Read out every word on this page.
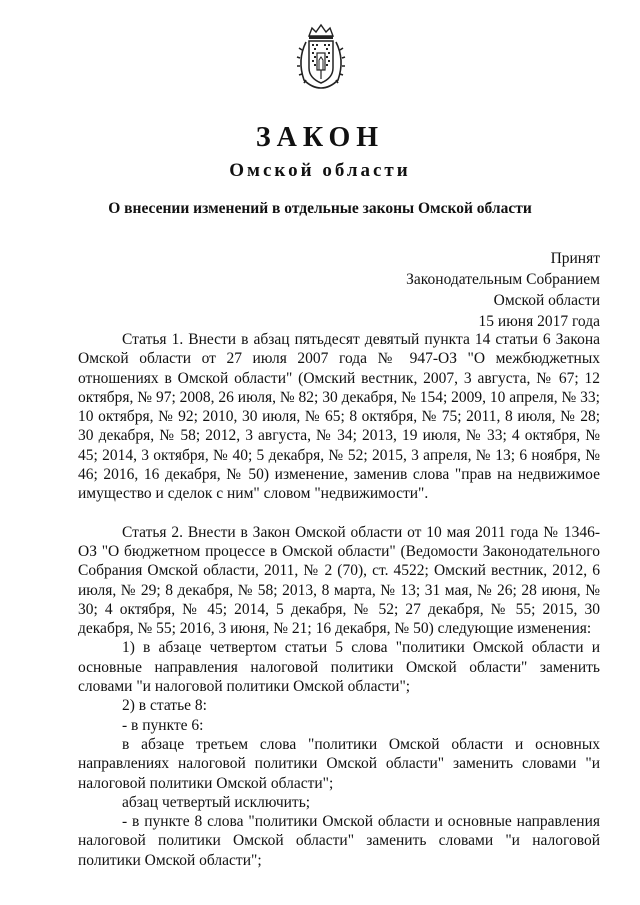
ЗАКОН
Омской области
О внесении изменений в отдельные законы Омской области
Принят
Законодательным Собранием
Омской области
15 июня 2017 года

Статья 1. Внести в абзац пятьдесят девятый пункта 14 статьи 6 Закона Омской области от 27 июля 2007 года № 947-ОЗ "О межбюджетных отношениях в Омской области" (Омский вестник, 2007, 3 августа, № 67; 12 октября, № 97; 2008, 26 июля, № 82; 30 декабря, № 154; 2009, 10 апреля, № 33; 10 октября, № 92; 2010, 30 июля, № 65; 8 октября, № 75; 2011, 8 июля, № 28; 30 декабря, № 58; 2012, 3 августа, № 34; 2013, 19 июля, № 33; 4 октября, № 45; 2014, 3 октября, № 40; 5 декабря, № 52; 2015, 3 апреля, № 13; 6 ноября, № 46; 2016, 16 декабря, № 50) изменение, заменив слова "прав на недвижимое имущество и сделок с ним" словом "недвижимости".

Статья 2. Внести в Закон Омской области от 10 мая 2011 года № 1346-ОЗ "О бюджетном процессе в Омской области" (Ведомости Законодательного Собрания Омской области, 2011, № 2 (70), ст. 4522; Омский вестник, 2012, 6 июля, № 29; 8 декабря, № 58; 2013, 8 марта, № 13; 31 мая, № 26; 28 июня, № 30; 4 октября, № 45; 2014, 5 декабря, № 52; 27 декабря, № 55; 2015, 30 декабря, № 55; 2016, 3 июня, № 21; 16 декабря, № 50) следующие изменения:

1) в абзаце четвертом статьи 5 слова "политики Омской области и основные направления налоговой политики Омской области" заменить словами "и налоговой политики Омской области";

2) в статье 8:

- в пункте 6:

в абзаце третьем слова "политики Омской области и основных направлениях налоговой политики Омской области" заменить словами "и налоговой политики Омской области";

абзац четвертый исключить;

- в пункте 8 слова "политики Омской области и основные направления налоговой политики Омской области" заменить словами "и налоговой политики Омской области";
